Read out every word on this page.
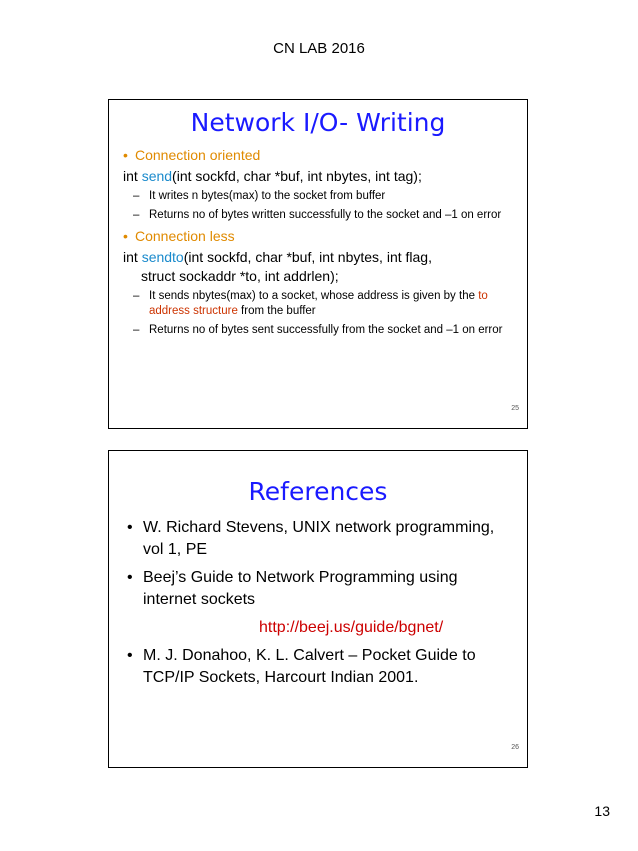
CN LAB 2016
Network I/O- Writing

• Connection oriented

int send(int sockfd, char *buf, int nbytes, int tag);

– It writes n bytes(max) to the socket from buffer

– Returns no of bytes written successfully to the socket and –1 on error

• Connection less

int sendto(int sockfd, char *buf, int nbytes, int flag,
struct sockaddr *to, int addrlen);

– It sends nbytes(max) to a socket, whose address is given by the to address structure from the buffer

– Returns no of bytes sent successfully from the socket and –1 on error

25
References

• W. Richard Stevens, UNIX network programming, vol 1, PE

• Beej’s Guide to Network Programming using internet sockets

http://beej.us/guide/bgnet/

• M. J. Donahoo, K. L. Calvert – Pocket Guide to TCP/IP Sockets, Harcourt Indian 2001.

26
13
